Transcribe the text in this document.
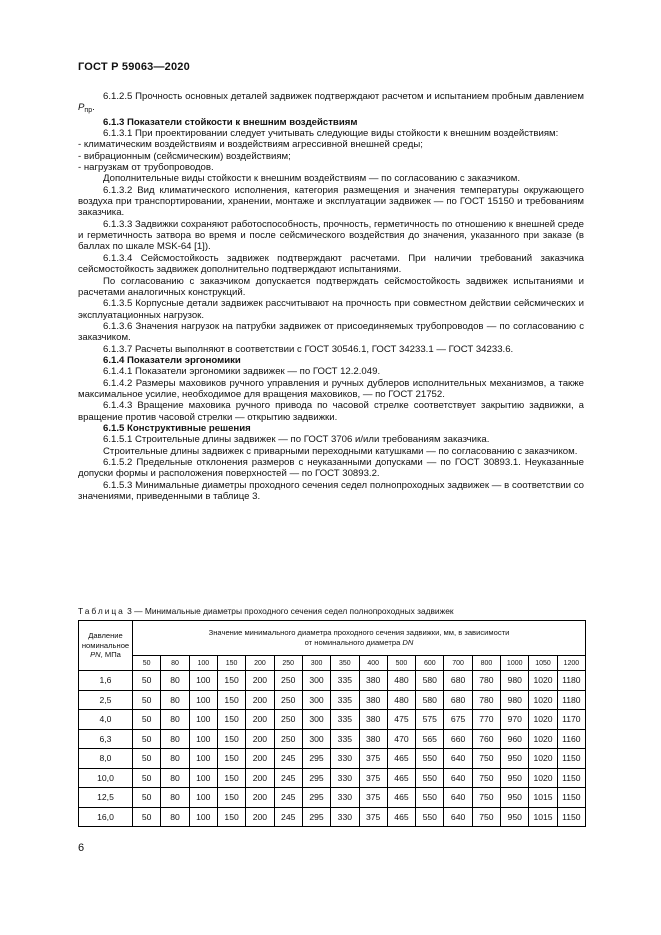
ГОСТ Р 59063—2020

6.1.2.5 Прочность основных деталей задвижек подтверждают расчетом и испытанием пробным давлением $P_{пр}$.

6.1.3 Показатели стойкости к внешним воздействиям

6.1.3.1 При проектировании следует учитывать следующие виды стойкости к внешним воздействиям:

- климатическим воздействиям и воздействиям агрессивной внешней среды;

- вибрационным (сейсмическим) воздействиям;

- нагрузкам от трубопроводов.

Дополнительные виды стойкости к внешним воздействиям — по согласованию с заказчиком.

6.1.3.2 Вид климатического исполнения, категория размещения и значения температуры окружающего воздуха при транспортировании, хранении, монтаже и эксплуатации задвижек — по ГОСТ 15150 и требованиям заказчика.

6.1.3.3 Задвижки сохраняют работоспособность, прочность, герметичность по отношению к внешней среде и герметичность затвора во время и после сейсмического воздействия до значения, указанного при заказе (в баллах по шкале MSK-64 [1]).

6.1.3.4 Сейсмостойкость задвижек подтверждают расчетами. При наличии требований заказчика сейсмостойкость задвижек дополнительно подтверждают испытаниями.

По согласованию с заказчиком допускается подтверждать сейсмостойкость задвижек испытаниями и расчетами аналогичных конструкций.

6.1.3.5 Корпусные детали задвижек рассчитывают на прочность при совместном действии сейсмических и эксплуатационных нагрузок.

6.1.3.6 Значения нагрузок на патрубки задвижек от присоединяемых трубопроводов — по согласованию с заказчиком.

6.1.3.7 Расчеты выполняют в соответствии с ГОСТ 30546.1, ГОСТ 34233.1 — ГОСТ 34233.6.

6.1.4 Показатели эргономики

6.1.4.1 Показатели эргономики задвижек — по ГОСТ 12.2.049.

6.1.4.2 Размеры маховиков ручного управления и ручных дублеров исполнительных механизмов, а также максимальное усилие, необходимое для вращения маховиков, — по ГОСТ 21752.

6.1.4.3 Вращение маховика ручного привода по часовой стрелке соответствует закрытию задвижки, а вращение против часовой стрелки — открытию задвижки.

6.1.5 Конструктивные решения

6.1.5.1 Строительные длины задвижек — по ГОСТ 3706 и/или требованиям заказчика.

Строительные длины задвижек с приварными переходными катушками — по согласованию с заказчиком.

6.1.5.2 Предельные отклонения размеров с неуказанными допусками — по ГОСТ 30893.1. Неуказанные допуски формы и расположения поверхностей — по ГОСТ 30893.2.

6.1.5.3 Минимальные диаметры проходного сечения седел полнопроходных задвижек — в соответствии со значениями, приведенными в таблице 3.

Таблица 3 — Минимальные диаметры проходного сечения седел полнопроходных задвижек
Давление
номинальное
PN, МПа	Значение минимального диаметра проходного сечения задвижки, мм, в зависимости
от номинального диаметра DN															
	50	80	100	150	200	250	300	350	400	500	600	700	800	1000	1050	1200
1,6	50	80	100	150	200	250	300	335	380	480	580	680	780	980	1020	1180
2,5	50	80	100	150	200	250	300	335	380	480	580	680	780	980	1020	1180
4,0	50	80	100	150	200	250	300	335	380	475	575	675	770	970	1020	1170
6,3	50	80	100	150	200	250	300	335	380	470	565	660	760	960	1020	1160
8,0	50	80	100	150	200	245	295	330	375	465	550	640	750	950	1020	1150
10,0	50	80	100	150	200	245	295	330	375	465	550	640	750	950	1020	1150
12,5	50	80	100	150	200	245	295	330	375	465	550	640	750	950	1015	1150
16,0	50	80	100	150	200	245	295	330	375	465	550	640	750	950	1015	1150
6
